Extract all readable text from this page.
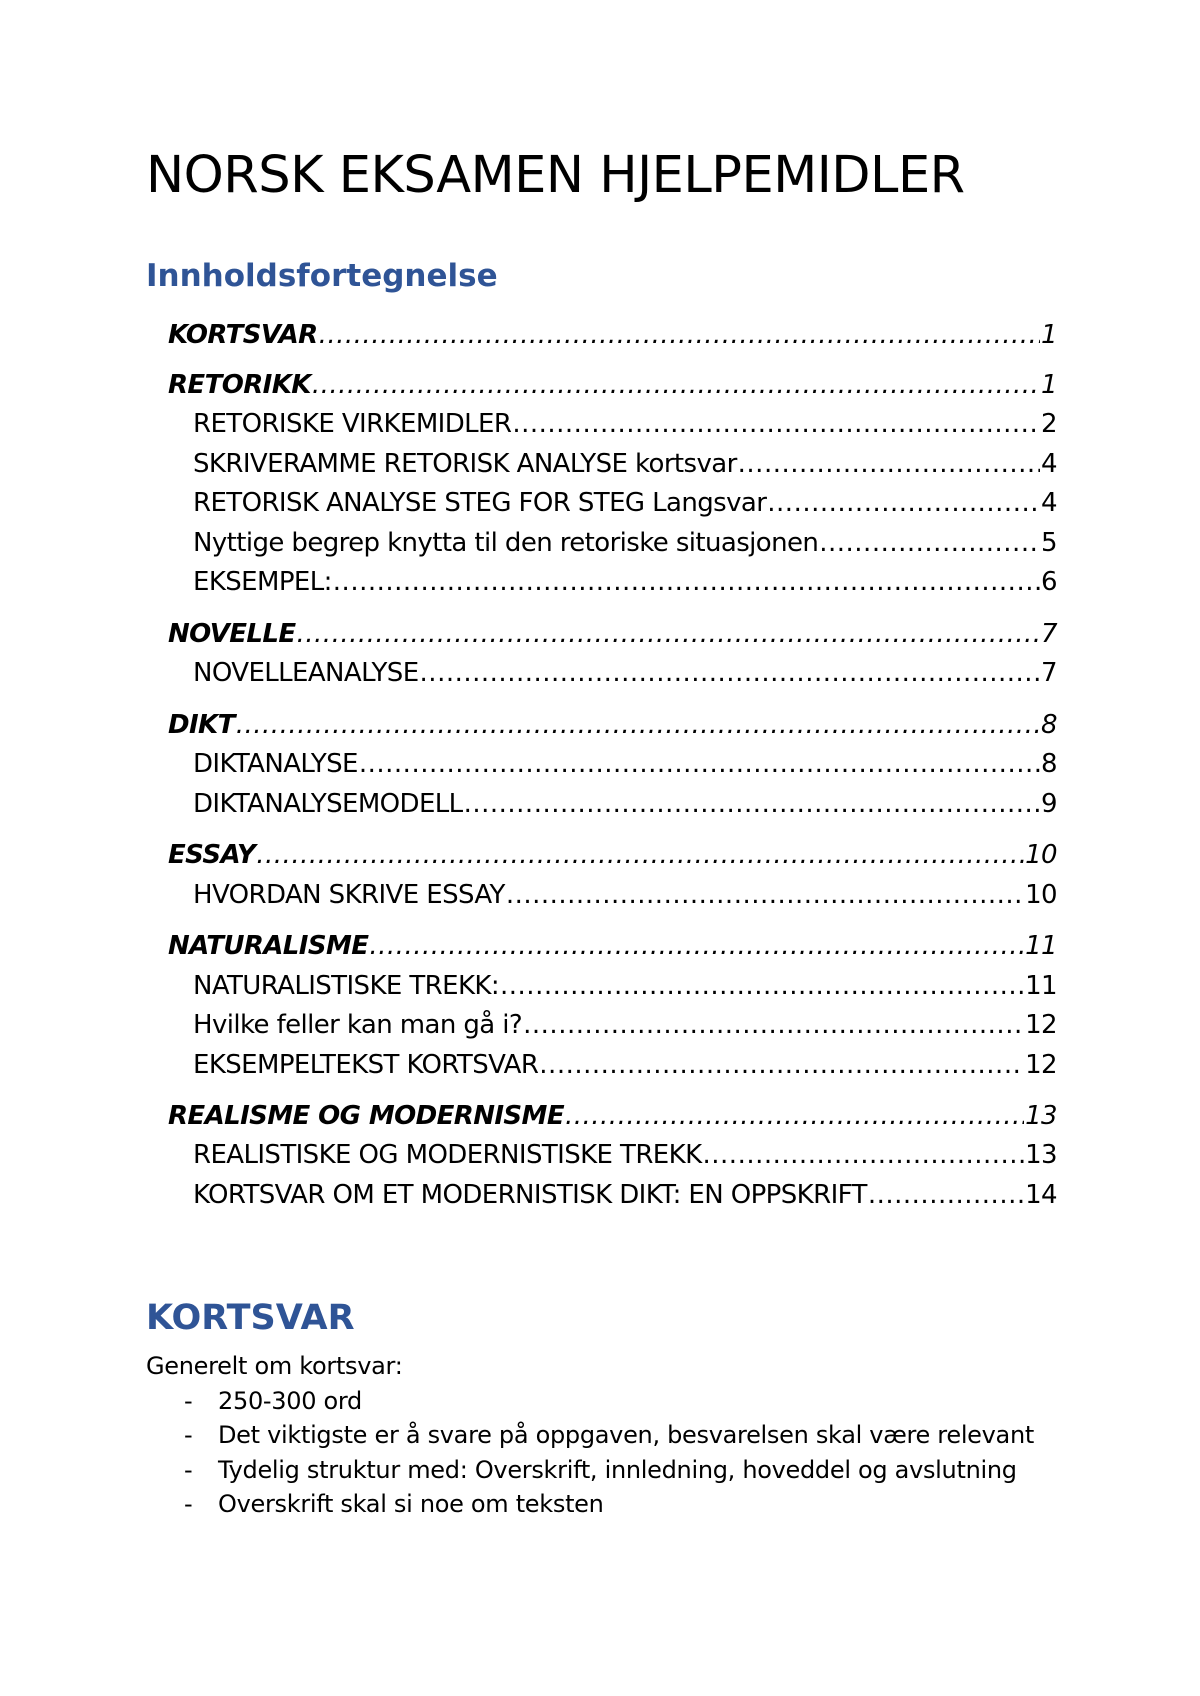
NORSK EKSAMEN HJELPEMIDLER
Innholdsfortegnelse
KORTSVAR .....	1
RETORIKK .....	1
RETORISKE VIRKEMIDLER .....	2
SKRIVERAMME RETORISK ANALYSE kortsvar .....	4
RETORISK ANALYSE STEG FOR STEG Langsvar .....	4
Nyttige begrep knytta til den retoriske situasjonen .....	5
EKSEMPEL: .....	6
NOVELLE .....	7
NOVELLEANALYSE .....	7
DIKT .....	8
DIKTANALYSE .....	8
DIKTANALYSEMODELL .....	9
ESSAY .....	10
HVORDAN SKRIVE ESSAY .....	10
NATURALISME .....	11
NATURALISTISKE TREKK: .....	11
Hvilke feller kan man gå i? .....	12
EKSEMPELTEKST KORTSVAR .....	12
REALISME OG MODERNISME .....	13
REALISTISKE OG MODERNISTISKE TREKK .....	13
KORTSVAR OM ET MODERNISTISK DIKT: EN OPPSKRIFT .....	14
KORTSVAR
Generelt om kortsvar:
-	250-300 ord
-	Det viktigste er å svare på oppgaven, besvarelsen skal være relevant
-	Tydelig struktur med: Overskrift, innledning, hoveddel og avslutning
-	Overskrift skal si noe om teksten
